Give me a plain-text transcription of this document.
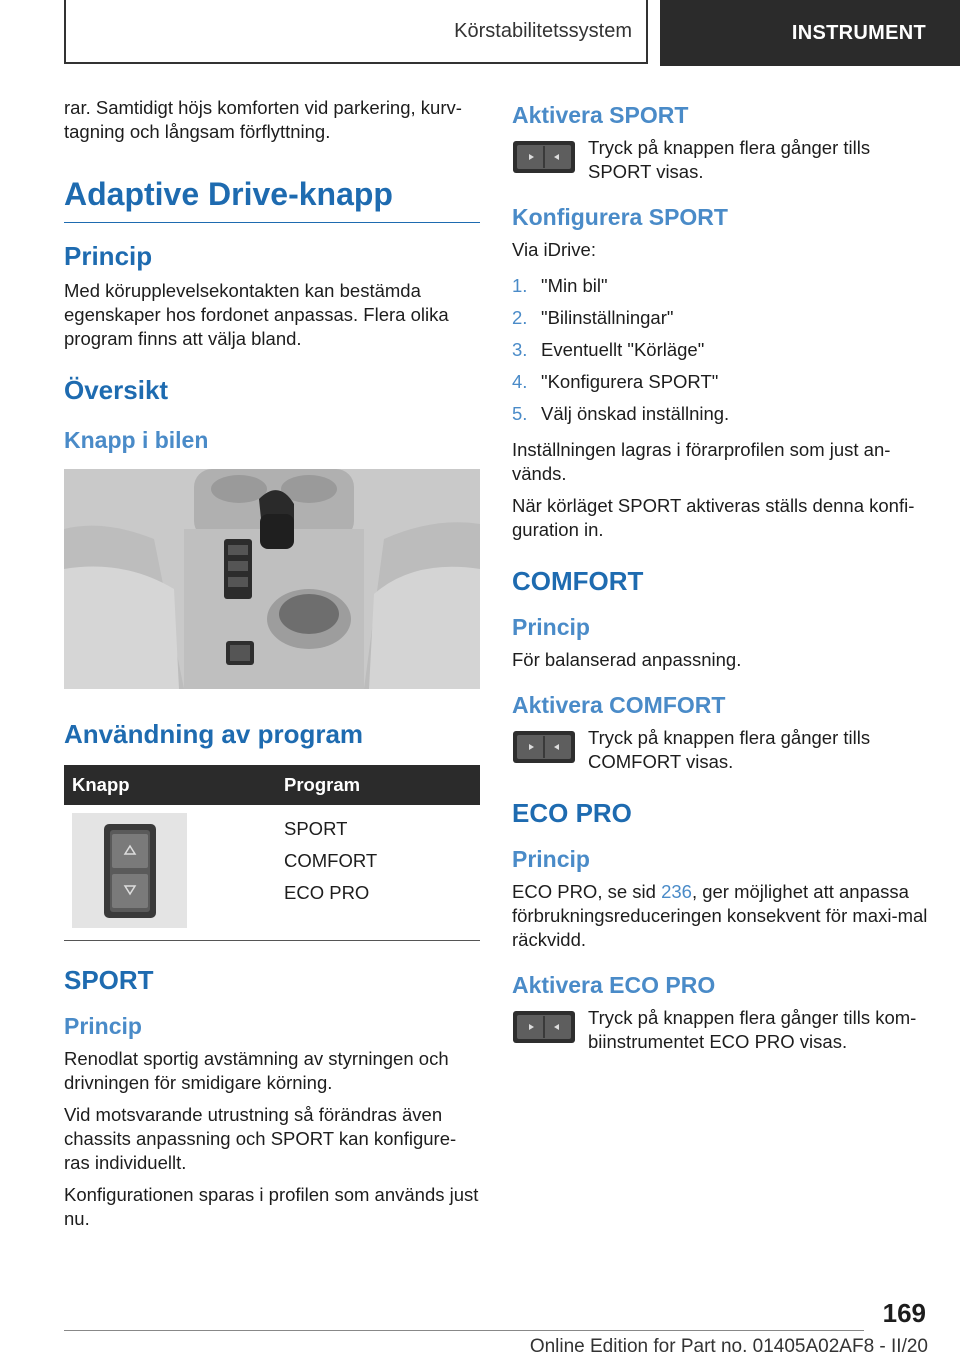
Körstabilitetssystem	INSTRUMENT

rar. Samtidigt höjs komforten vid parkering, kurv-tagning och långsam förflyttning.

Adaptive Drive-knapp
Princip

Med körupplevelsekontakten kan bestämda egenskaper hos fordonet anpassas. Flera olika program finns att välja bland.

Översikt
Knapp i bilen
Användning av program
Knapp	Program
SPORT
COMFORT
ECO PRO
SPORT
Princip

Renodlat sportig avstämning av styrningen och drivningen för smidigare körning.

Vid motsvarande utrustning så förändras även chassits anpassning och SPORT kan konfigure-ras individuellt.

Konfigurationen sparas i profilen som används just nu.

Aktivera SPORT
Tryck på knappen flera gånger tills SPORT visas.
Konfigurera SPORT

Via iDrive:

1. "Min bil"
2. "Bilinställningar"
3. Eventuellt "Körläge"
4. "Konfigurera SPORT"
5. Välj önskad inställning.

Inställningen lagras i förarprofilen som just an-vänds.

När körläget SPORT aktiveras ställs denna konfi-guration in.

COMFORT
Princip

För balanserad anpassning.

Aktivera COMFORT
Tryck på knappen flera gånger tills COMFORT visas.
ECO PRO
Princip

ECO PRO, se sid 236, ger möjlighet att anpassa förbrukningsreduceringen konsekvent för maxi-mal räckvidd.

Aktivera ECO PRO
Tryck på knappen flera gånger tills kom-biinstrumentet ECO PRO visas.
169
Online Edition for Part no. 01405A02AF8 - II/20
